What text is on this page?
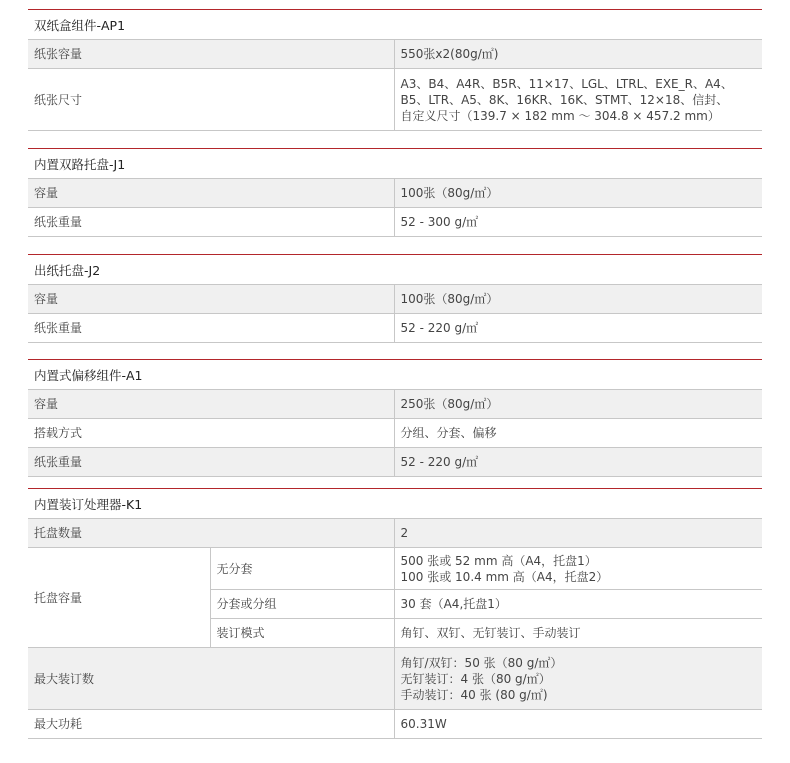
双纸盒组件-AP1
纸张容量	550张x2(80g/㎡)
纸张尺寸	A3、B4、A4R、B5R、11×17、LGL、LTRL、EXE_R、A4、
B5、LTR、A5、8K、16KR、16K、STMT、12×18、信封、
自定义尺寸（139.7 × 182 mm ～ 304.8 × 457.2 mm）
内置双路托盘-J1
容量	100张（80g/㎡）
纸张重量	52 - 300 g/㎡
出纸托盘-J2
容量	100张（80g/㎡）
纸张重量	52 - 220 g/㎡
内置式偏移组件-A1
容量	250张（80g/㎡）
搭载方式	分组、分套、偏移
纸张重量	52 - 220 g/㎡
内置装订处理器-K1
托盘数量		2
托盘容量	无分套	500 张或 52 mm 高（A4，托盘1）
100 张或 10.4 mm 高（A4，托盘2）

	分套或分组	30 套（A4,托盘1）
	装订模式	角钉、双钉、无钉装订、手动装订
最大装订数		角钉/双钉：50 张（80 g/㎡）
无钉装订：4 张（80 g/㎡）
手动装订：40 张 (80 g/㎡)

最大功耗		60.31W
